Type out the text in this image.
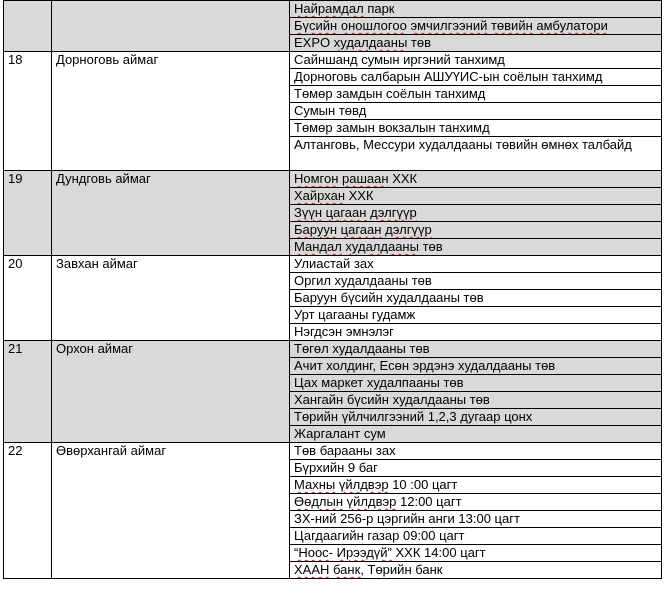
		Найрамдал парк
		Бүсийн оношлогоо эмчилгээний төвийн амбулатори
		EXPO худалдааны төв
18	Дорноговь аймаг	Сайншанд сумын иргэний танхимд
		Дорноговь салбарын АШУҮИС-ын соёлын танхимд
		Төмөр замдын соёлын танхимд
		Сумын төвд
		Төмөр замын вокзалын танхимд
		Алтанговь, Мессури худалдааны төвийн өмнөх талбайд
19	Дундговь аймаг	Номгон рашаан ХХК
		Хайрхан ХХК
		Зүүн цагаан дэлгүүр
		Баруун цагаан дэлгүүр
		Мандал худалдааны төв
20	Завхан аймаг	Улиастай зах
		Оргил худалдааны төв
		Баруун бүсийн худалдааны төв
		Урт цагааны гудамж
		Нэгдсэн эмнэлэг
21	Орхон аймаг	Төгөл худалдааны төв
		Ачит холдинг, Есөн эрдэнэ худалдааны төв
		Цах маркет худалпааны төв
		Хангайн бүсийн худалдааны төв
		Төрийн үйлчилгээний 1,2,3 дугаар цонх
		Жаргалант сум
22	Өвөрхангай аймаг	Төв барааны зах
		Бүрхийн 9 баг
		Махны үйлдвэр 10 :00 цагт
		Өөдлын үйлдвэр 12:00 цагт
		ЗХ-ний 256-р цэргийн анги 13:00 цагт
		Цагдаагийн газар 09:00 цагт
		“Ноос- Ирээдүй” ХХК 14:00 цагт
		ХААН банк, Төрийн банк
